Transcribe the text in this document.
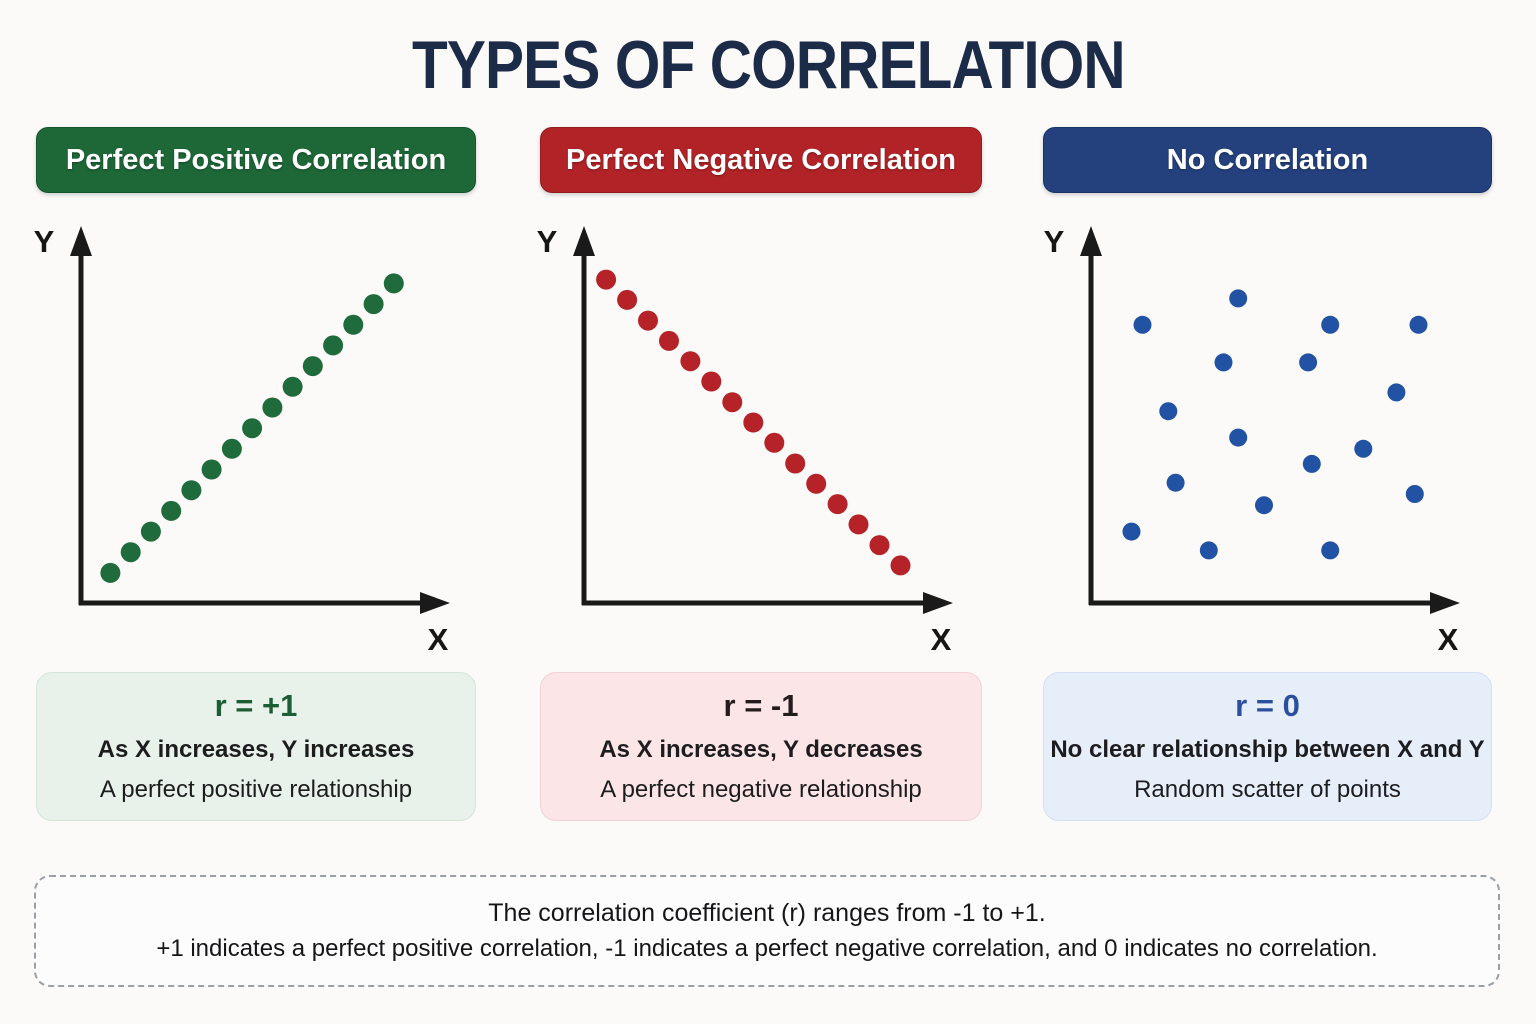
TYPES OF CORRELATION
Perfect Positive Correlation	Perfect Negative Correlation	No Correlation
Y
X
Y
X
Y
X
r = +1
As X increases, Y increases
A perfect positive relationship
r = -1
As X increases, Y decreases
A perfect negative relationship
r = 0
No clear relationship between X and Y
Random scatter of points
The correlation coefficient (r) ranges from -1 to +1.
+1 indicates a perfect positive correlation, -1 indicates a perfect negative correlation, and 0 indicates no correlation.
